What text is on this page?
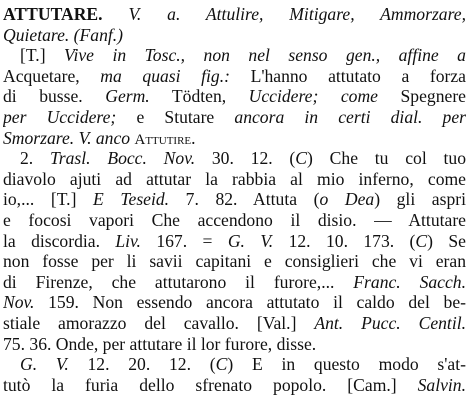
ATTUTARE. V. a. Attulire, Mitigare, Ammorzare,
Quietare. (Fanf.)
[T.] Vive in Tosc., non nel senso gen., affine a
Acquetare, ma quasi fig.: L'hanno attutato a forza
di busse. Germ. Tödten, Uccidere; come Spegnere
per Uccidere; e Stutare ancora in certi dial. per
Smorzare. V. anco Attutire.
2. Trasl. Bocc. Nov. 30. 12. (C) Che tu col tuo
diavolo ajuti ad attutar la rabbia al mio inferno, come
io,... [T.] E Teseid. 7. 82. Attuta (o Dea) gli aspri
e focosi vapori Che accendono il disio. — Attutare
la discordia. Liv. 167. = G. V. 12. 10. 173. (C) Se
non fosse per li savii capitani e consiglieri che vi eran
di Firenze, che attutarono il furore,... Franc. Sacch.
Nov. 159. Non essendo ancora attutato il caldo del be-
stiale amorazzo del cavallo. [Val.] Ant. Pucc. Centil.
75. 36. Onde, per attutare il lor furore, disse.
G. V. 12. 20. 12. (C) E in questo modo s'at-
tutò la furia dello sfrenato popolo. [Cam.] Salvin.
